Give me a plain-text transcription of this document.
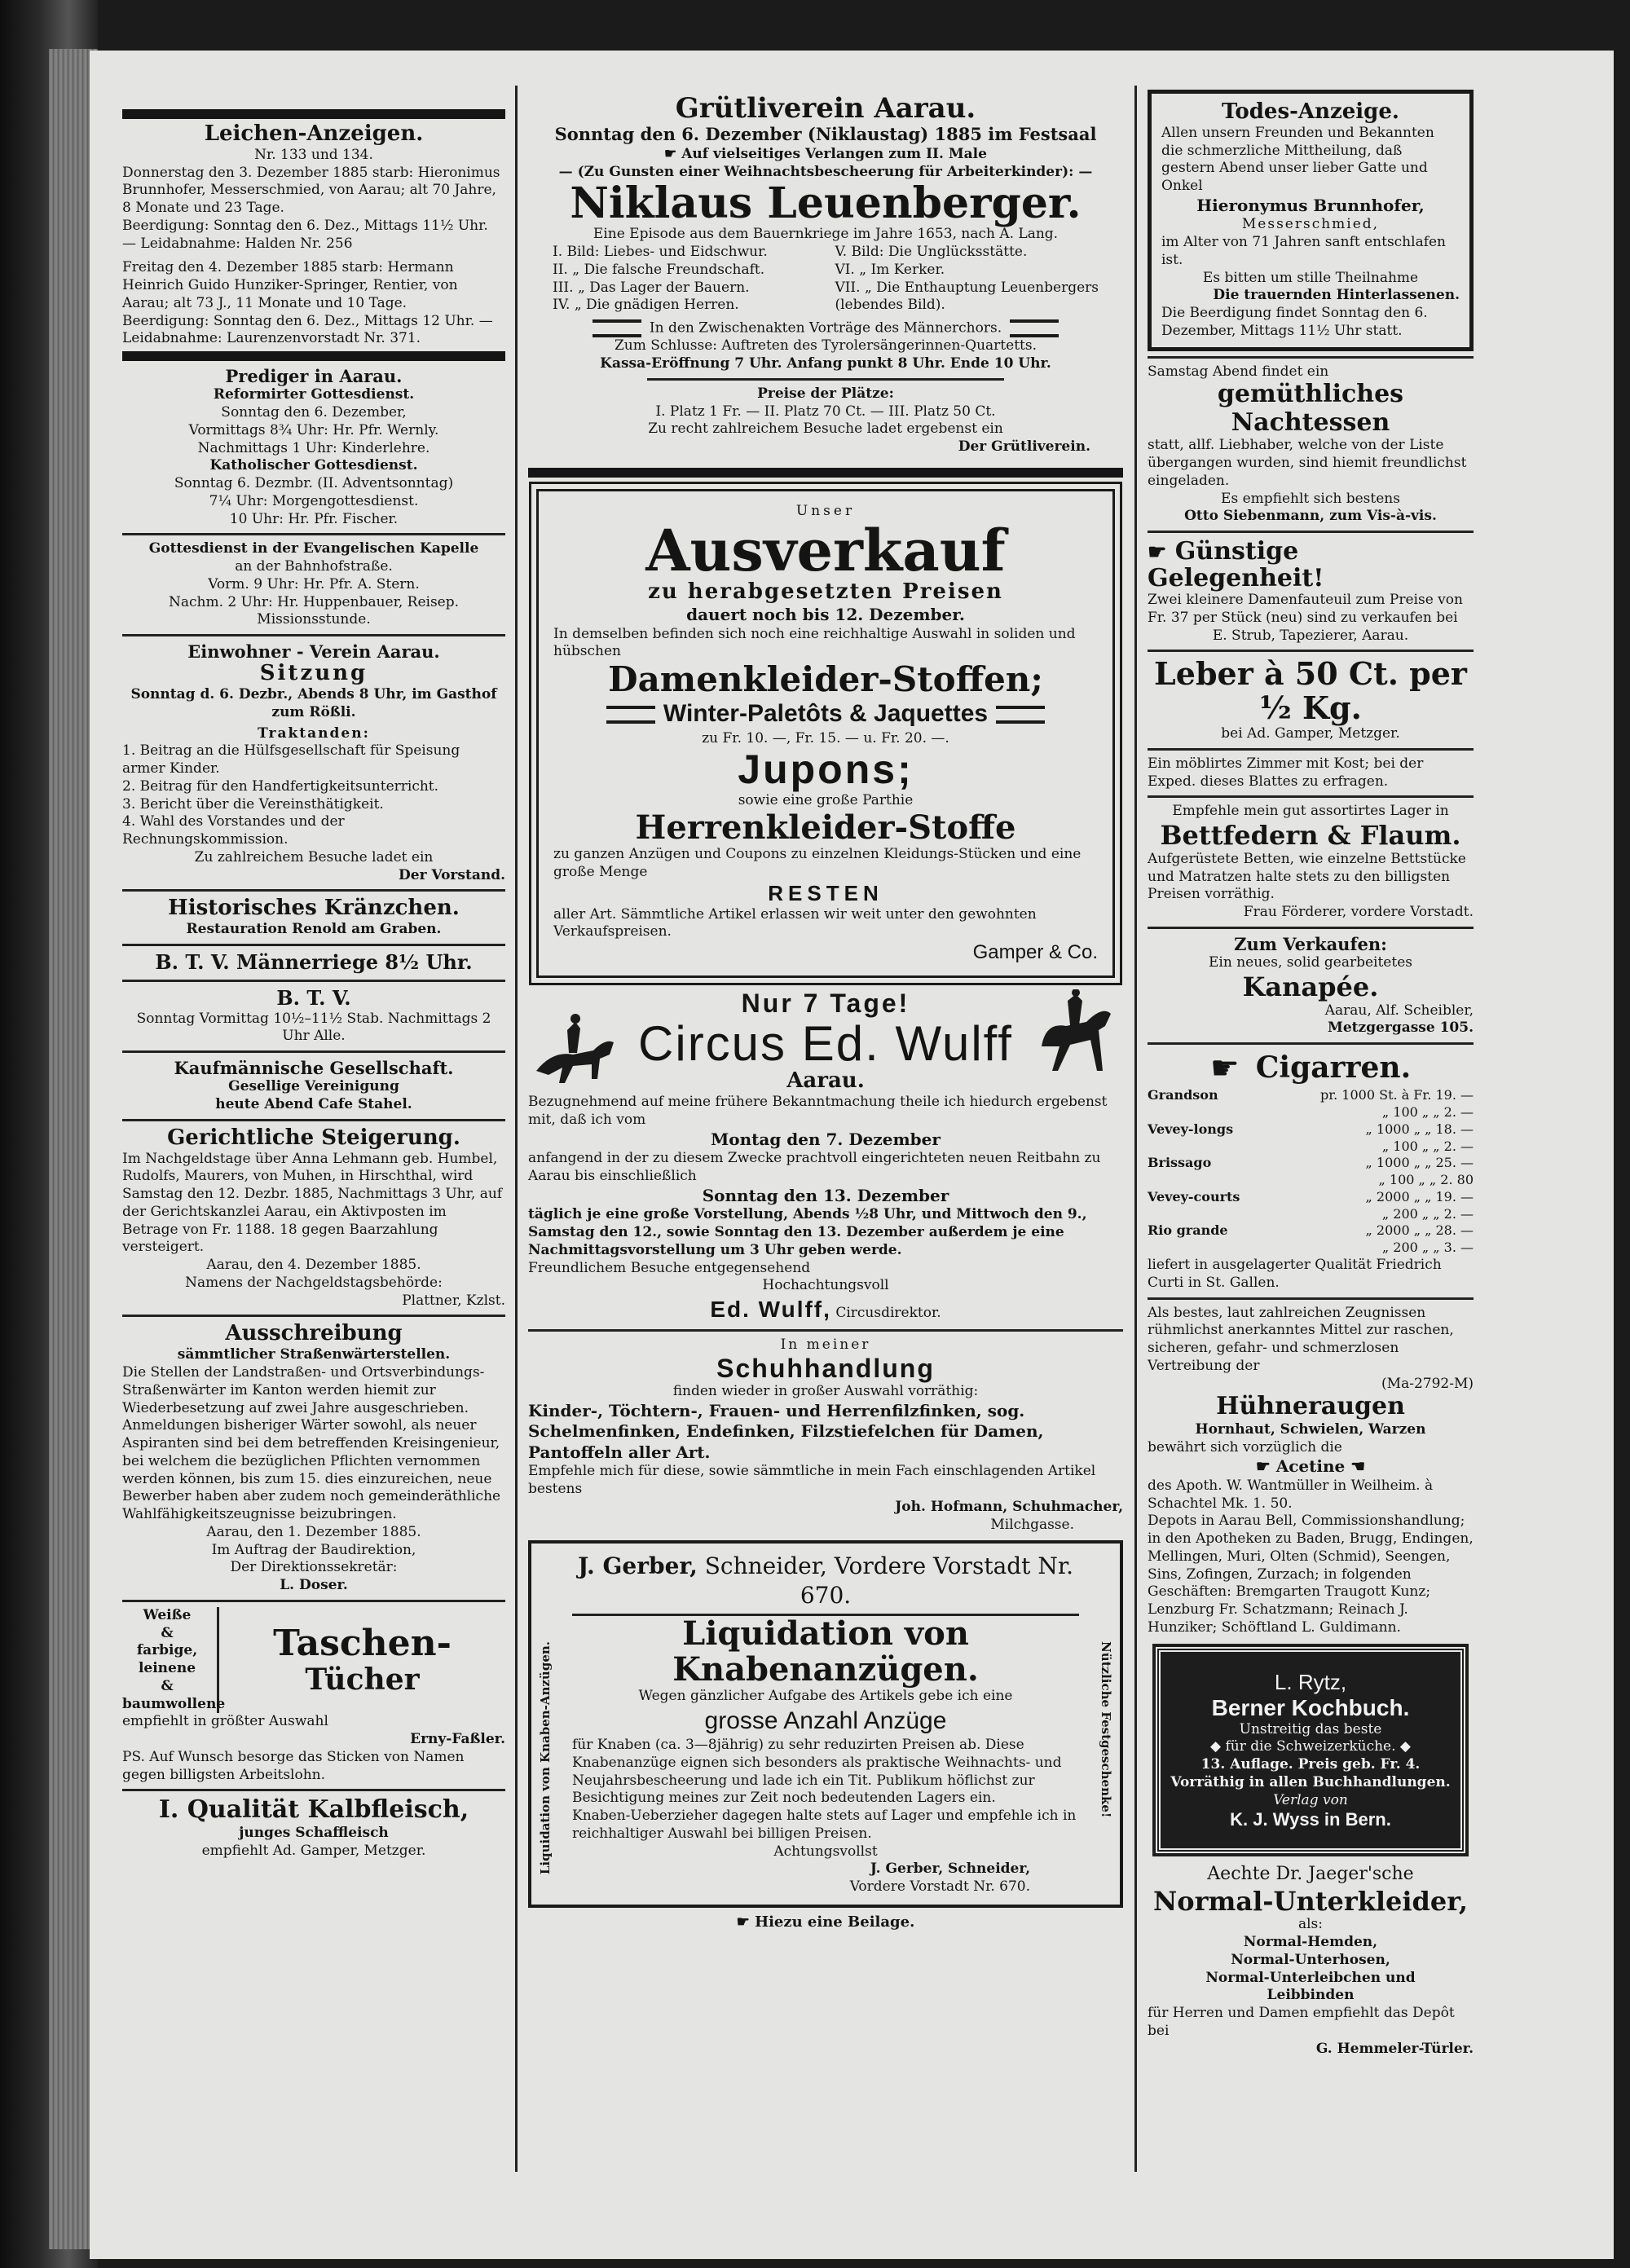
Leichen-Anzeigen.
Nr. 133 und 134.
Donnerstag den 3. Dezember 1885 starb: Hieronimus Brunnhofer, Messerschmied, von Aarau; alt 70 Jahre, 8 Monate und 23 Tage.
Beerdigung: Sonntag den 6. Dez., Mittags 11½ Uhr. — Leidabnahme: Halden Nr. 256
Freitag den 4. Dezember 1885 starb: Hermann Heinrich Guido Hunziker-Springer, Rentier, von Aarau; alt 73 J., 11 Monate und 10 Tage.
Beerdigung: Sonntag den 6. Dez., Mittags 12 Uhr. — Leidabnahme: Laurenzenvorstadt Nr. 371.
Prediger in Aarau.
Reformirter Gottesdienst.
Sonntag den 6. Dezember,
Vormittags 8¾ Uhr: Hr. Pfr. Wernly.
Nachmittags 1 Uhr: Kinderlehre.
Katholischer Gottesdienst.
Sonntag 6. Dezmbr. (II. Adventsonntag)
7¼ Uhr: Morgengottesdienst.
10 Uhr: Hr. Pfr. Fischer.
Gottesdienst in der Evangelischen Kapelle
an der Bahnhofstraße.
Vorm. 9 Uhr: Hr. Pfr. A. Stern.
Nachm. 2 Uhr: Hr. Huppenbauer, Reisep. Missionsstunde.
Einwohner - Verein Aarau.
Sitzung
Sonntag d. 6. Dezbr., Abends 8 Uhr, im Gasthof zum Rößli.
Traktanden:
1. Beitrag an die Hülfsgesellschaft für Speisung armer Kinder.
2. Beitrag für den Handfertigkeitsunterricht.
3. Bericht über die Vereinsthätigkeit.
4. Wahl des Vorstandes und der Rechnungskommission.
Zu zahlreichem Besuche ladet ein
Der Vorstand.
Historisches Kränzchen.
Restauration Renold am Graben.
B. T. V. Männerriege 8½ Uhr.
B. T. V.
Sonntag Vormittag 10½–11½ Stab. Nachmittags 2 Uhr Alle.
Kaufmännische Gesellschaft.
Gesellige Vereinigung
heute Abend Cafe Stahel.
Gerichtliche Steigerung.
Im Nachgeldstage über Anna Lehmann geb. Humbel, Rudolfs, Maurers, von Muhen, in Hirschthal, wird Samstag den 12. Dezbr. 1885, Nachmittags 3 Uhr, auf der Gerichtskanzlei Aarau, ein Aktivposten im Betrage von Fr. 1188. 18 gegen Baarzahlung versteigert.
Aarau, den 4. Dezember 1885.
Namens der Nachgeldstagsbehörde:
Plattner, Kzlst.
Ausschreibung
sämmtlicher Straßenwärterstellen.
Die Stellen der Landstraßen- und Ortsverbindungs-Straßenwärter im Kanton werden hiemit zur Wiederbesetzung auf zwei Jahre ausgeschrieben. Anmeldungen bisheriger Wärter sowohl, als neuer Aspiranten sind bei dem betreffenden Kreisingenieur, bei welchem die bezüglichen Pflichten vernommen werden können, bis zum 15. dies einzureichen, neue Bewerber haben aber zudem noch gemeinderäthliche Wahlfähigkeitszeugnisse beizubringen.
Aarau, den 1. Dezember 1885.
Im Auftrag der Baudirektion,
Der Direktionssekretär:
L. Doser.
Weiße
&
farbige,
leinene
&
baumwollene
Taschen-
Tücher
empfiehlt in größter Auswahl
Erny-Faßler.
PS. Auf Wunsch besorge das Sticken von Namen gegen billigsten Arbeitslohn.
I. Qualität Kalbfleisch,
junges Schaffleisch
empfiehlt Ad. Gamper, Metzger.
Grütliverein Aarau.
Sonntag den 6. Dezember (Niklaustag) 1885 im Festsaal
☛ Auf vielseitiges Verlangen zum II. Male
— (Zu Gunsten einer Weihnachtsbescheerung für Arbeiterkinder): —
Niklaus Leuenberger.
Eine Episode aus dem Bauernkriege im Jahre 1653, nach A. Lang.
I. Bild: Liebes- und Eidschwur.
II. „ Die falsche Freundschaft.
III. „ Das Lager der Bauern.
IV. „ Die gnädigen Herren.
V. Bild: Die Unglücksstätte.
VI. „ Im Kerker.
VII. „ Die Enthauptung Leuenbergers
(lebendes Bild).
In den Zwischenakten Vorträge des Männerchors.
Zum Schlusse: Auftreten des Tyrolersängerinnen-Quartetts.
Kassa-Eröffnung 7 Uhr. Anfang punkt 8 Uhr. Ende 10 Uhr.
Preise der Plätze:
I. Platz 1 Fr. — II. Platz 70 Ct. — III. Platz 50 Ct.
Zu recht zahlreichem Besuche ladet ergebenst ein
Der Grütliverein.
Unser
Ausverkauf
zu herabgesetzten Preisen
dauert noch bis 12. Dezember.
In demselben befinden sich noch eine reichhaltige Auswahl in soliden und hübschen
Damenkleider-Stoffen;
Winter-Paletôts & Jaquettes
zu Fr. 10. —, Fr. 15. — u. Fr. 20. —.
Jupons;
sowie eine große Parthie
Herrenkleider-Stoffe
zu ganzen Anzügen und Coupons zu einzelnen Kleidungs-Stücken und eine große Menge
RESTEN
aller Art. Sämmtliche Artikel erlassen wir weit unter den gewohnten Verkaufspreisen.
Gamper & Co.
Nur 7 Tage!
Circus Ed. Wulff
Aarau.
Bezugnehmend auf meine frühere Bekanntmachung theile ich hiedurch ergebenst mit, daß ich vom
Montag den 7. Dezember
anfangend in der zu diesem Zwecke prachtvoll eingerichteten neuen Reitbahn zu Aarau bis einschließlich
Sonntag den 13. Dezember
täglich je eine große Vorstellung, Abends ½8 Uhr, und Mittwoch den 9., Samstag den 12., sowie Sonntag den 13. Dezember außerdem je eine Nachmittagsvorstellung um 3 Uhr geben werde.
Freundlichem Besuche entgegensehend
Hochachtungsvoll
Ed. Wulff, Circusdirektor.
In meiner
Schuhhandlung
finden wieder in großer Auswahl vorräthig:
Kinder-, Töchtern-, Frauen- und Herrenfilzfinken, sog. Schelmenfinken, Endefinken, Filzstiefelchen für Damen, Pantoffeln aller Art.
Empfehle mich für diese, sowie sämmtliche in mein Fach einschlagenden Artikel bestens
Joh. Hofmann, Schuhmacher,
Milchgasse.
Liquidation von Knaben-Anzügen.	Nützliche Festgeschenke!
J. Gerber, Schneider, Vordere Vorstadt Nr. 670.
Liquidation von Knabenanzügen.
Wegen gänzlicher Aufgabe des Artikels gebe ich eine
grosse Anzahl Anzüge
für Knaben (ca. 3—8jährig) zu sehr reduzirten Preisen ab. Diese Knabenanzüge eignen sich besonders als praktische Weihnachts- und Neujahrsbescheerung und lade ich ein Tit. Publikum höflichst zur Besichtigung meines zur Zeit noch bedeutenden Lagers ein.
Knaben-Ueberzieher dagegen halte stets auf Lager und empfehle ich in reichhaltiger Auswahl bei billigen Preisen.
Achtungsvollst
J. Gerber, Schneider,
Vordere Vorstadt Nr. 670.
☛ Hiezu eine Beilage.
Todes-Anzeige.
Allen unsern Freunden und Bekannten die schmerzliche Mittheilung, daß gestern Abend unser lieber Gatte und Onkel
Hieronymus Brunnhofer,
Messerschmied,
im Alter von 71 Jahren sanft entschlafen ist.
Es bitten um stille Theilnahme
Die trauernden Hinterlassenen.
Die Beerdigung findet Sonntag den 6. Dezember, Mittags 11½ Uhr statt.
Samstag Abend findet ein
gemüthliches Nachtessen
statt, allf. Liebhaber, welche von der Liste übergangen wurden, sind hiemit freundlichst eingeladen.
Es empfiehlt sich bestens
Otto Siebenmann, zum Vis-à-vis.
☛ Günstige Gelegenheit!
Zwei kleinere Damenfauteuil zum Preise von Fr. 37 per Stück (neu) sind zu verkaufen bei
E. Strub, Tapezierer, Aarau.
Leber à 50 Ct. per ½ Kg.
bei Ad. Gamper, Metzger.
Ein möblirtes Zimmer mit Kost; bei der Exped. dieses Blattes zu erfragen.
Empfehle mein gut assortirtes Lager in
Bettfedern & Flaum.
Aufgerüstete Betten, wie einzelne Bettstücke und Matratzen halte stets zu den billigsten Preisen vorräthig.
Frau Förderer, vordere Vorstadt.
Zum Verkaufen:
Ein neues, solid gearbeitetes
Kanapée.
Aarau, Alf. Scheibler,
Metzgergasse 105.
☛ Cigarren.
Grandson	pr. 1000 St. à Fr. 19. —
„ 100 „ „ 2. —
Vevey-longs	„ 1000 „ „ 18. —
„ 100 „ „ 2. —
Brissago	„ 1000 „ „ 25. —
„ 100 „ „ 2. 80
Vevey-courts	„ 2000 „ „ 19. —
„ 200 „ „ 2. —
Rio grande	„ 2000 „ „ 28. —
„ 200 „ „ 3. —
liefert in ausgelagerter Qualität Friedrich Curti in St. Gallen.
Als bestes, laut zahlreichen Zeugnissen rühmlichst anerkanntes Mittel zur raschen, sicheren, gefahr- und schmerzlosen Vertreibung der
(Ma-2792-M)
Hühneraugen
Hornhaut, Schwielen, Warzen
bewährt sich vorzüglich die
☛ Acetine ☚
des Apoth. W. Wantmüller in Weilheim. à Schachtel Mk. 1. 50.
Depots in Aarau Bell, Commissionshandlung; in den Apotheken zu Baden, Brugg, Endingen, Mellingen, Muri, Olten (Schmid), Seengen, Sins, Zofingen, Zurzach; in folgenden Geschäften: Bremgarten Traugott Kunz; Lenzburg Fr. Schatzmann; Reinach J. Hunziker; Schöftland L. Guldimann.
L. Rytz,
Berner Kochbuch.
Unstreitig das beste
◆ für die Schweizerküche. ◆
13. Auflage. Preis geb. Fr. 4.
Vorräthig in allen Buchhandlungen.
Verlag von
K. J. Wyss in Bern.
Aechte Dr. Jaeger'sche
Normal-Unterkleider,
als:
Normal-Hemden,
Normal-Unterhosen,
Normal-Unterleibchen und
Leibbinden
für Herren und Damen empfiehlt das Depôt bei
G. Hemmeler-Türler.
